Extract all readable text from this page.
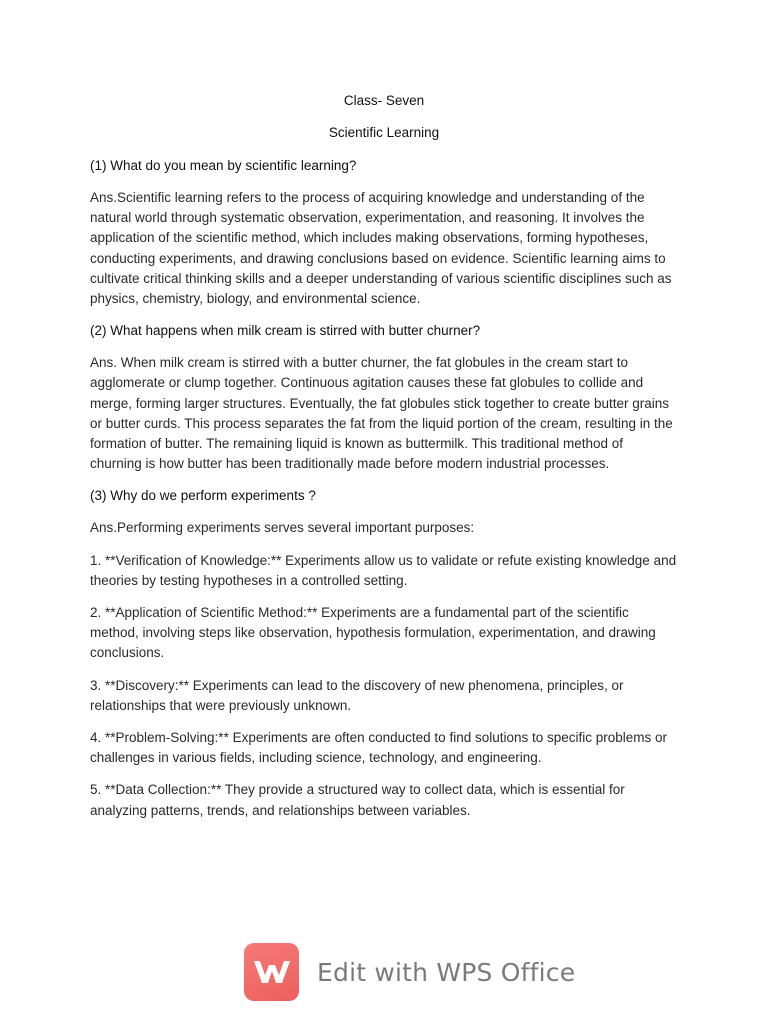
Class- Seven
Scientific Learning
(1) What do you mean by scientific learning?

Ans.Scientific learning refers to the process of acquiring knowledge and understanding of the natural world through systematic observation, experimentation, and reasoning. It involves the application of the scientific method, which includes making observations, forming hypotheses, conducting experiments, and drawing conclusions based on evidence. Scientific learning aims to cultivate critical thinking skills and a deeper understanding of various scientific disciplines such as physics, chemistry, biology, and environmental science.

(2) What happens when milk cream is stirred with butter churner?

Ans. When milk cream is stirred with a butter churner, the fat globules in the cream start to agglomerate or clump together. Continuous agitation causes these fat globules to collide and merge, forming larger structures. Eventually, the fat globules stick together to create butter grains or butter curds. This process separates the fat from the liquid portion of the cream, resulting in the formation of butter. The remaining liquid is known as buttermilk. This traditional method of churning is how butter has been traditionally made before modern industrial processes.

(3) Why do we perform experiments ?

Ans.Performing experiments serves several important purposes:

1. **Verification of Knowledge:** Experiments allow us to validate or refute existing knowledge and theories by testing hypotheses in a controlled setting.

2. **Application of Scientific Method:** Experiments are a fundamental part of the scientific method, involving steps like observation, hypothesis formulation, experimentation, and drawing conclusions.

3. **Discovery:** Experiments can lead to the discovery of new phenomena, principles, or relationships that were previously unknown.

4. **Problem-Solving:** Experiments are often conducted to find solutions to specific problems or challenges in various fields, including science, technology, and engineering.

5. **Data Collection:** They provide a structured way to collect data, which is essential for analyzing patterns, trends, and relationships between variables.

Edit with WPS Office
